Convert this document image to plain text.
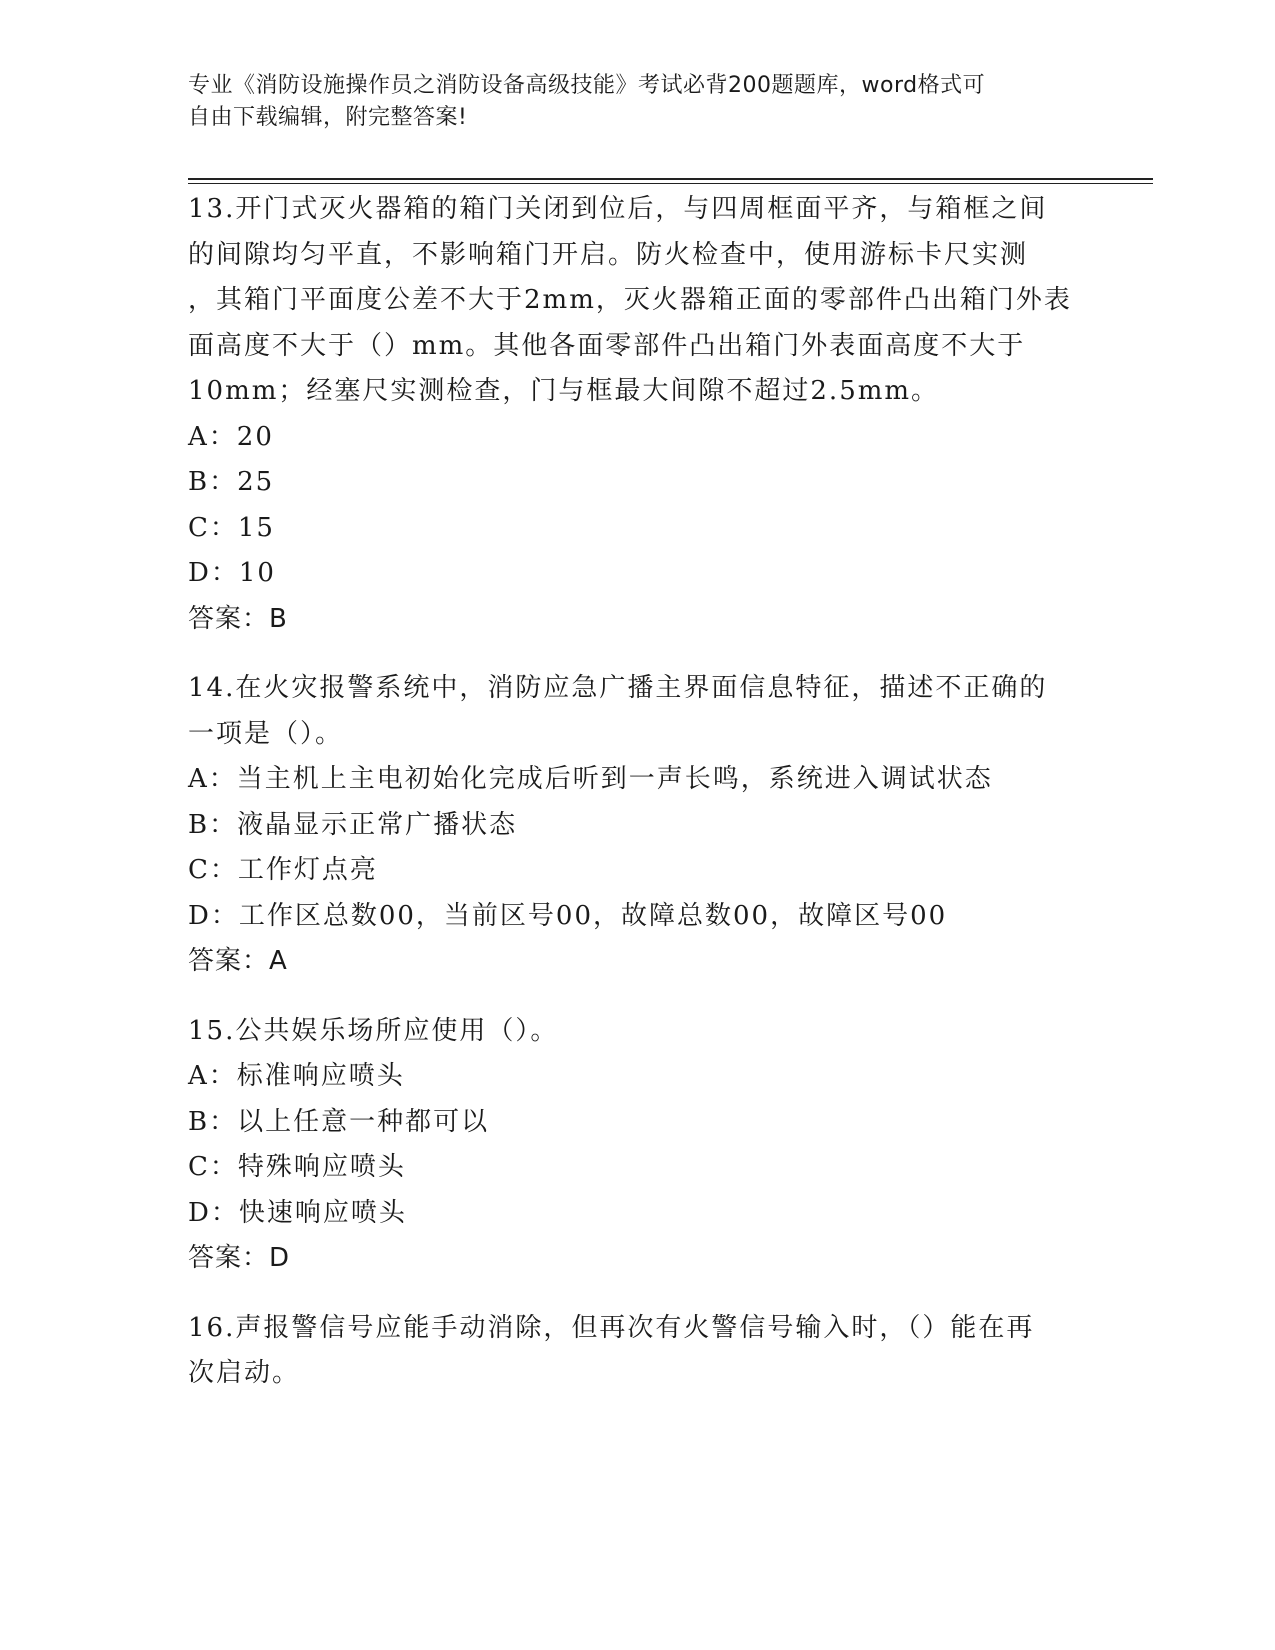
专业《消防设施操作员之消防设备高级技能》考试必背200题题库，word格式可
自由下载编辑，附完整答案!

13.开门式灭火器箱的箱门关闭到位后，与四周框面平齐，与箱框之间

的间隙均匀平直，不影响箱门开启。防火检查中，使用游标卡尺实测

，其箱门平面度公差不大于2mm，灭火器箱正面的零部件凸出箱门外表

面高度不大于（）mm。其他各面零部件凸出箱门外表面高度不大于

10mm；经塞尺实测检查，门与框最大间隙不超过2.5mm。

A：20

B：25

C：15

D：10

答案：B

14.在火灾报警系统中，消防应急广播主界面信息特征，描述不正确的

一项是（）。

A：当主机上主电初始化完成后听到一声长鸣，系统进入调试状态

B：液晶显示正常广播状态

C：工作灯点亮

D：工作区总数00，当前区号00，故障总数00，故障区号00

答案：A

15.公共娱乐场所应使用（）。

A：标准响应喷头

B：以上任意一种都可以

C：特殊响应喷头

D：快速响应喷头

答案：D

16.声报警信号应能手动消除，但再次有火警信号输入时，（）能在再

次启动。
